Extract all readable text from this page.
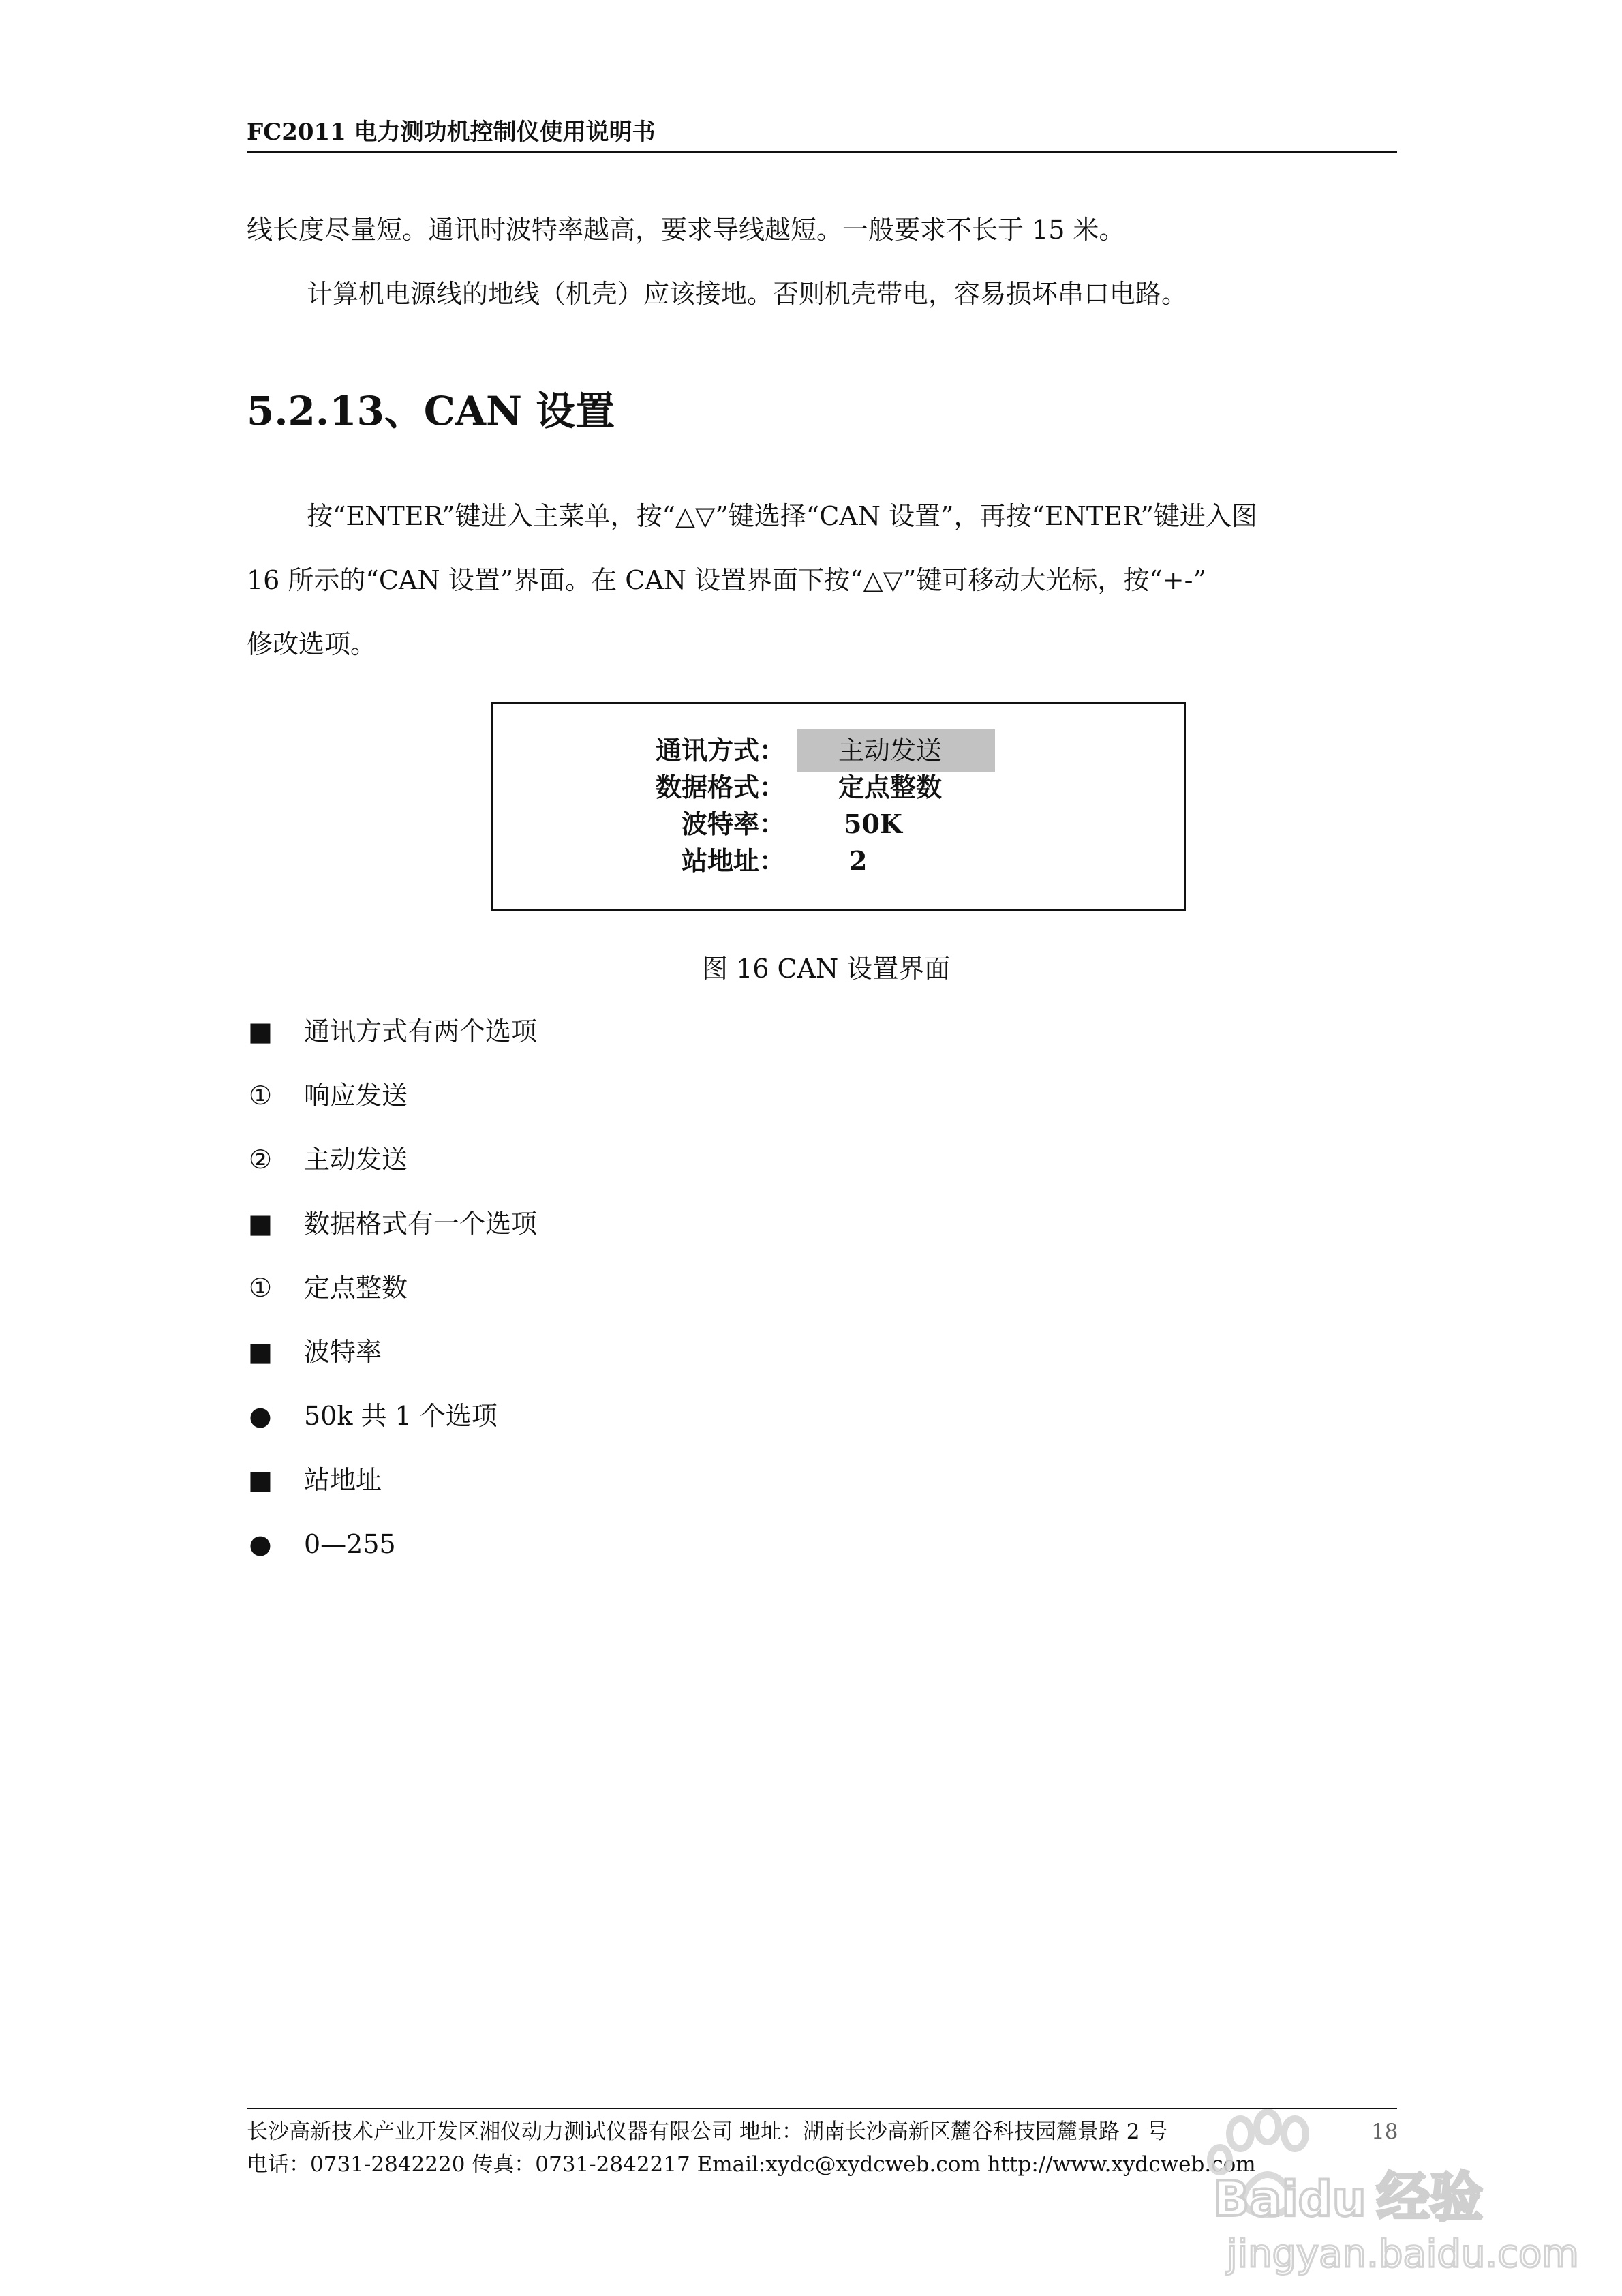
FC2011 电力测功机控制仪使用说明书
线长度尽量短。通讯时波特率越高，要求导线越短。一般要求不长于 15 米。
计算机电源线的地线（机壳）应该接地。否则机壳带电，容易损坏串口电路。
5.2.13、CAN 设置
按“ENTER”键进入主菜单，按“△▽”键选择“CAN 设置”，再按“ENTER”键进入图
16 所示的“CAN 设置”界面。在 CAN 设置界面下按“△▽”键可移动大光标，按“+-”
修改选项。
通讯方式： 主动发送
数据格式： 定点整数
波特率： 50K
站地址： 2
图 16 CAN 设置界面
■ 通讯方式有两个选项
① 响应发送
② 主动发送
■ 数据格式有一个选项
① 定点整数
■ 波特率
● 50k 共 1 个选项
■ 站地址
● 0—255
长沙高新技术产业开发区湘仪动力测试仪器有限公司 地址：湖南长沙高新区麓谷科技园麓景路 2 号	18
电话：0731-2842220 传真：0731-2842217 Email:xydc@xydcweb.com http://www.xydcweb.com
Baidu 经验
jingyan.baidu.com
